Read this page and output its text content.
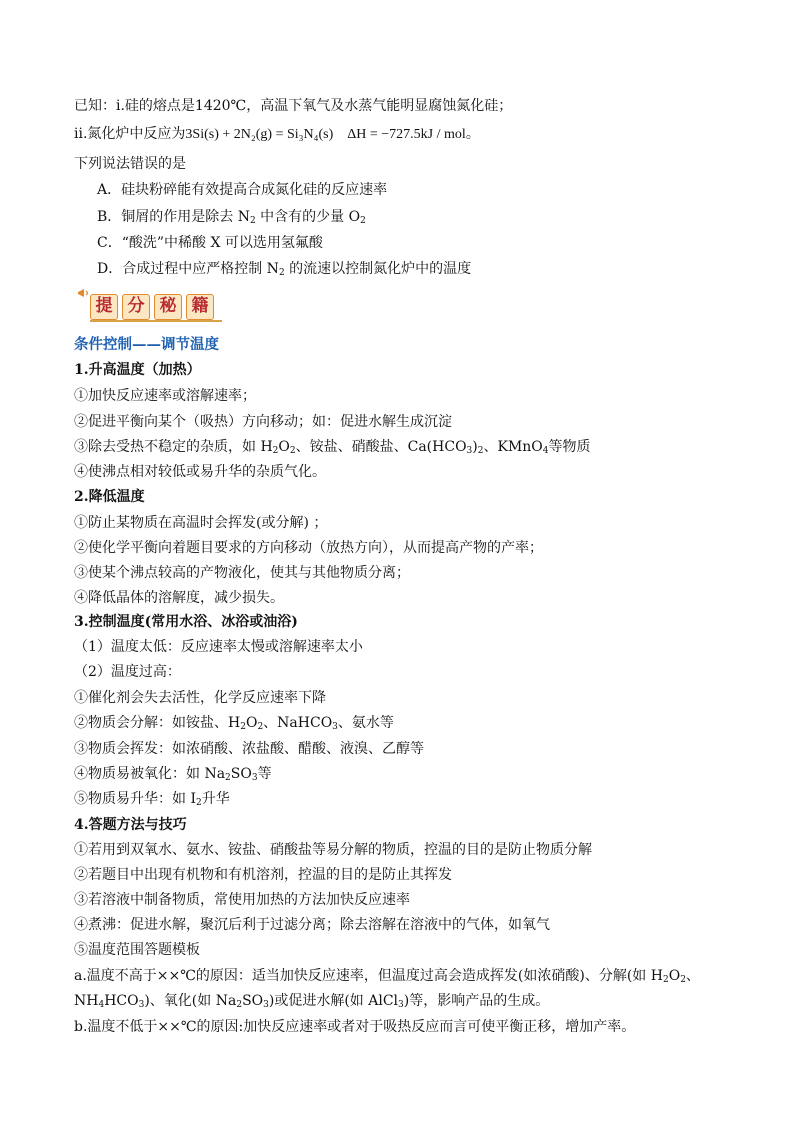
已知：ⅰ.硅的熔点是1420℃，高温下氧气及水蒸气能明显腐蚀氮化硅；
ⅱ.氮化炉中反应为3Si(s) + 2N₂(g) = Si₃N₄(s) ΔH = −727.5kJ / mol。
下列说法错误的是
A．硅块粉碎能有效提高合成氮化硅的反应速率
B．铜屑的作用是除去 $N_2$ 中含有的少量 $O_2$
C．“酸洗”中稀酸 X 可以选用氢氟酸
D．合成过程中应严格控制 $N_2$ 的流速以控制氮化炉中的温度
提 分 秘 籍
条件控制——调节温度
1.升高温度（加热）
①加快反应速率或溶解速率；
②促进平衡向某个（吸热）方向移动；如：促进水解生成沉淀
③除去受热不稳定的杂质，如 $H_2O_2$、铵盐、硝酸盐、$Ca(HCO_3)_2$、KMnO$_4$等物质
④使沸点相对较低或易升华的杂质气化。
2.降低温度
①防止某物质在高温时会挥发(或分解) ；
②使化学平衡向着题目要求的方向移动（放热方向），从而提高产物的产率；
③使某个沸点较高的产物液化，使其与其他物质分离；
④降低晶体的溶解度，减少损失。
3.控制温度(常用水浴、冰浴或油浴)
（1）温度太低：反应速率太慢或溶解速率太小
（2）温度过高：
①催化剂会失去活性，化学反应速率下降
②物质会分解：如铵盐、$H_2O_2$、NaHCO$_3$、氨水等
③物质会挥发：如浓硝酸、浓盐酸、醋酸、液溴、乙醇等
④物质易被氧化：如 $Na_2SO_3$等
⑤物质易升华：如 $I_2$升华
4.答题方法与技巧
①若用到双氧水、氨水、铵盐、硝酸盐等易分解的物质，控温的目的是防止物质分解
②若题目中出现有机物和有机溶剂，控温的目的是防止其挥发
③若溶液中制备物质，常使用加热的方法加快反应速率
④煮沸：促进水解，聚沉后利于过滤分离；除去溶解在溶液中的气体，如氧气
⑤温度范围答题模板
a.温度不高于××℃的原因：适当加快反应速率，但温度过高会造成挥发(如浓硝酸)、分解(如 $H_2O_2$、
$NH_4HCO_3$)、氧化(如 $Na_2SO_3$)或促进水解(如 AlCl$_3$)等，影响产品的生成。
b.温度不低于××℃的原因:加快反应速率或者对于吸热反应而言可使平衡正移，增加产率。
